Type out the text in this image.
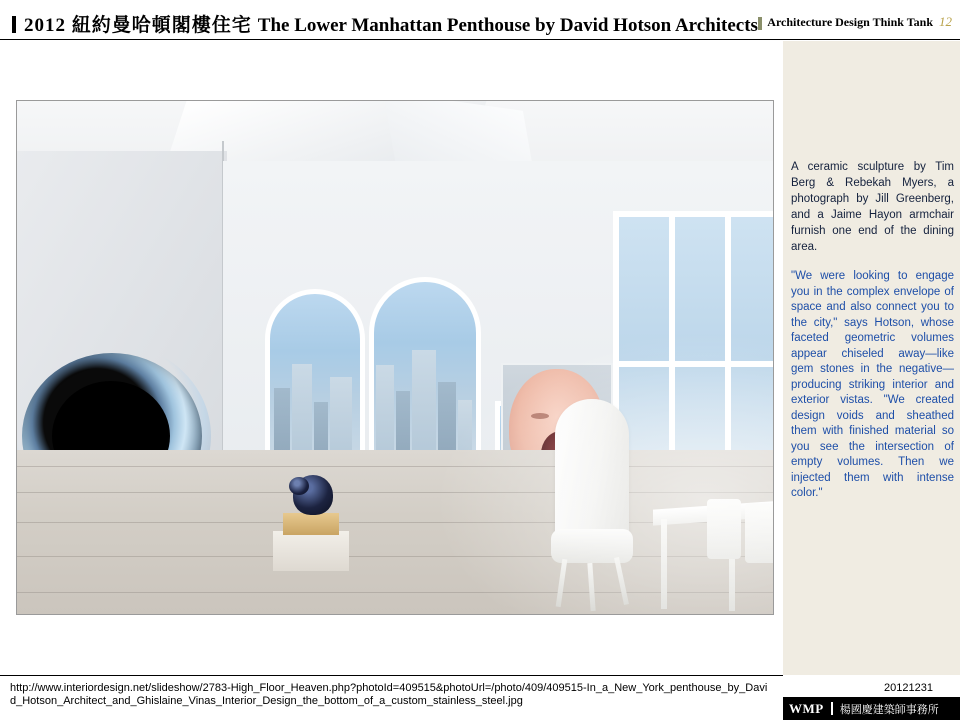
2012 紐約曼哈頓閣樓住宅 The Lower Manhattan Penthouse by David Hotson Architects Architecture Design Think Tank 12
A ceramic sculpture by Tim Berg & Rebekah Myers, a photograph by Jill Greenberg, and a Jaime Hayon armchair furnish one end of the dining area.
"We were looking to engage you in the complex envelope of space and also connect you to the city," says Hotson, whose faceted geometric volumes appear chiseled away—like gem stones in the negative—producing striking interior and exterior vistas. "We created design voids and sheathed them with finished material so you see the intersection of empty volumes. Then we injected them with intense color."
http://www.interiordesign.net/slideshow/2783-High_Floor_Heaven.php?photoId=409515&photoUrl=/photo/409/409515-In_a_New_York_penthouse_by_David_Hotson_Architect_and_Ghislaine_Vinas_Interior_Design_the_bottom_of_a_custom_stainless_steel.jpg
20121231
WMP 楊國慶建築師事務所
